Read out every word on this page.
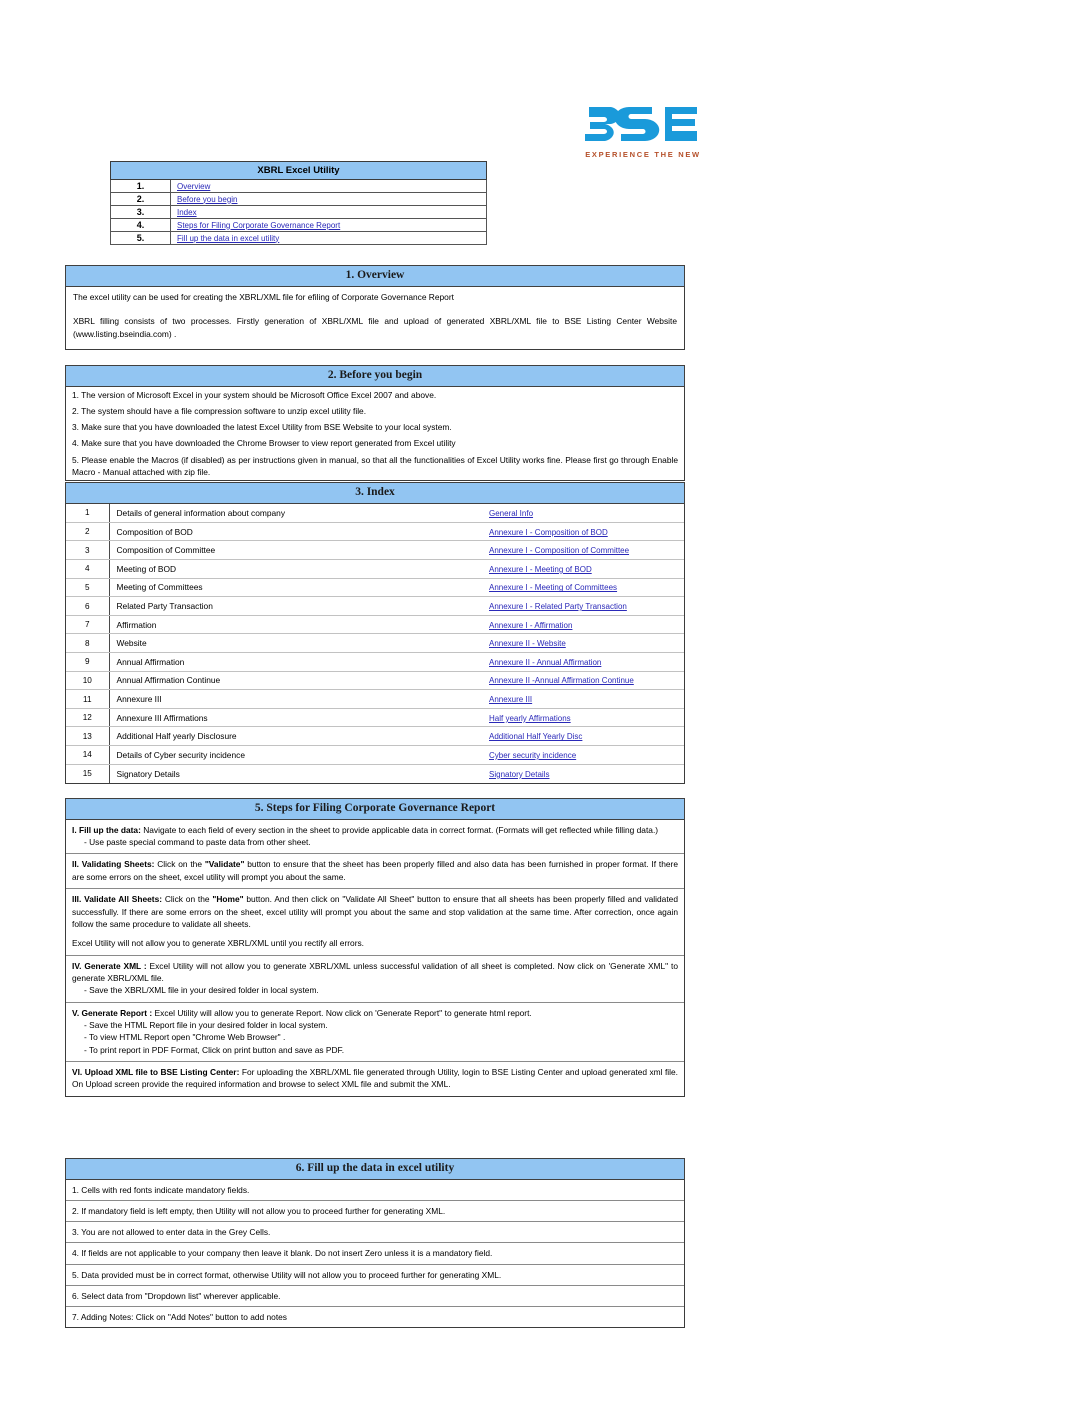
EXPERIENCE THE NEW
XBRL Excel Utility	
1.	Overview
2.	Before you begin
3.	Index
4.	Steps for Filing Corporate Governance Report
5.	Fill up the data in excel utility
1. Overview
The excel utility can be used for creating the XBRL/XML file for efiling of Corporate Governance Report
XBRL filling consists of two processes. Firstly generation of XBRL/XML file and upload of generated XBRL/XML file to BSE Listing Center Website (www.listing.bseindia.com) .
2. Before you begin
1. The version of Microsoft Excel in your system should be Microsoft Office Excel 2007 and above.
2. The system should have a file compression software to unzip excel utility file.
3. Make sure that you have downloaded the latest Excel Utility from BSE Website to your local system.
4. Make sure that you have downloaded the Chrome Browser to view report generated from Excel utility
5. Please enable the Macros (if disabled) as per instructions given in manual, so that all the functionalities of Excel Utility works fine. Please first go through Enable Macro - Manual attached with zip file.
3. Index
1	Details of general information about company	General Info
2	Composition of BOD	Annexure I - Composition of BOD
3	Composition of Committee	Annexure I - Composition of Committee
4	Meeting of BOD	Annexure I - Meeting of BOD
5	Meeting of Committees	Annexure I - Meeting of Committees
6	Related Party Transaction	Annexure I - Related Party Transaction
7	Affirmation	Annexure I - Affirmation
8	Website	Annexure II - Website
9	Annual Affirmation	Annexure II - Annual Affirmation
10	Annual Affirmation Continue	Annexure II -Annual Affirmation Continue
11	Annexure III	Annexure III
12	Annexure III Affirmations	Half yearly Affirmations
13	Additional Half yearly Disclosure	Additional Half Yearly Disc
14	Details of Cyber security incidence	Cyber security incidence
15	Signatory Details	Signatory Details
5. Steps for Filing Corporate Governance Report
I. Fill up the data: Navigate to each field of every section in the sheet to provide applicable data in correct format. (Formats will get reflected while filling data.)
- Use paste special command to paste data from other sheet.
II. Validating Sheets: Click on the "Validate" button to ensure that the sheet has been properly filled and also data has been furnished in proper format. If there are some errors on the sheet, excel utility will prompt you about the same.
III. Validate All Sheets: Click on the "Home" button. And then click on "Validate All Sheet" button to ensure that all sheets has been properly filled and validated successfully. If there are some errors on the sheet, excel utility will prompt you about the same and stop validation at the same time. After correction, once again follow the same procedure to validate all sheets.
Excel Utility will not allow you to generate XBRL/XML until you rectify all errors.
IV. Generate XML : Excel Utility will not allow you to generate XBRL/XML unless successful validation of all sheet is completed. Now click on 'Generate XML" to generate XBRL/XML file.
- Save the XBRL/XML file in your desired folder in local system.
V. Generate Report : Excel Utility will allow you to generate Report. Now click on 'Generate Report'' to generate html report.
- Save the HTML Report file in your desired folder in local system.
- To view HTML Report open "Chrome Web Browser" .
- To print report in PDF Format, Click on print button and save as PDF.
VI. Upload XML file to BSE Listing Center: For uploading the XBRL/XML file generated through Utility, login to BSE Listing Center and upload generated xml file. On Upload screen provide the required information and browse to select XML file and submit the XML.
6. Fill up the data in excel utility
1. Cells with red fonts indicate mandatory fields.
2. If mandatory field is left empty, then Utility will not allow you to proceed further for generating XML.
3. You are not allowed to enter data in the Grey Cells.
4. If fields are not applicable to your company then leave it blank. Do not insert Zero unless it is a mandatory field.
5. Data provided must be in correct format, otherwise Utility will not allow you to proceed further for generating XML.
6. Select data from "Dropdown list" wherever applicable.
7. Adding Notes: Click on "Add Notes" button to add notes
